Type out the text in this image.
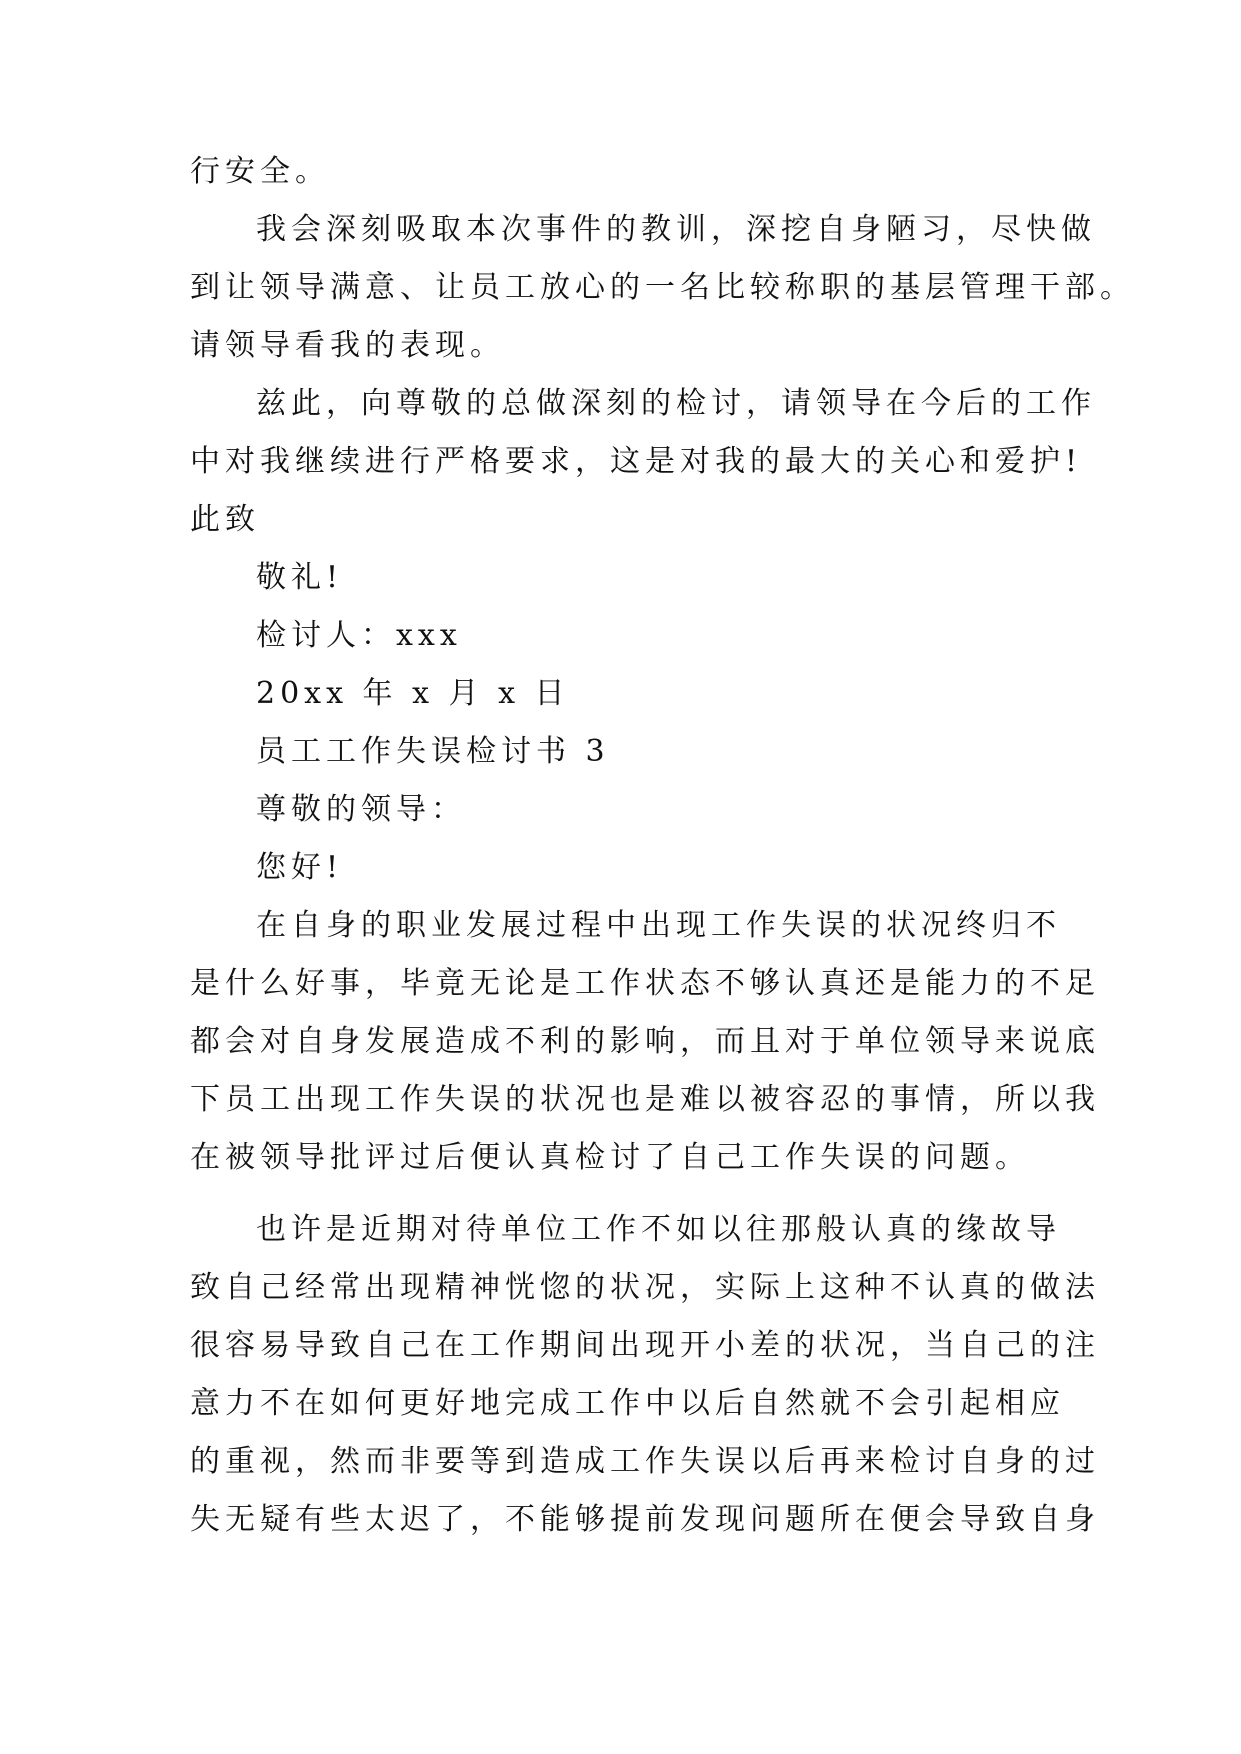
行安全。
我会深刻吸取本次事件的教训，深挖自身陋习，尽快做
到让领导满意、让员工放心的一名比较称职的基层管理干部。
请领导看我的表现。
兹此，向尊敬的总做深刻的检讨，请领导在今后的工作
中对我继续进行严格要求，这是对我的最大的关心和爱护!
此致
敬礼!
检讨人：xxx
20xx 年 x 月 x 日
员工工作失误检讨书 3
尊敬的领导：
您好!
在自身的职业发展过程中出现工作失误的状况终归不
是什么好事，毕竟无论是工作状态不够认真还是能力的不足
都会对自身发展造成不利的影响，而且对于单位领导来说底
下员工出现工作失误的状况也是难以被容忍的事情，所以我
在被领导批评过后便认真检讨了自己工作失误的问题。
也许是近期对待单位工作不如以往那般认真的缘故导
致自己经常出现精神恍惚的状况，实际上这种不认真的做法
很容易导致自己在工作期间出现开小差的状况，当自己的注
意力不在如何更好地完成工作中以后自然就不会引起相应
的重视，然而非要等到造成工作失误以后再来检讨自身的过
失无疑有些太迟了，不能够提前发现问题所在便会导致自身
